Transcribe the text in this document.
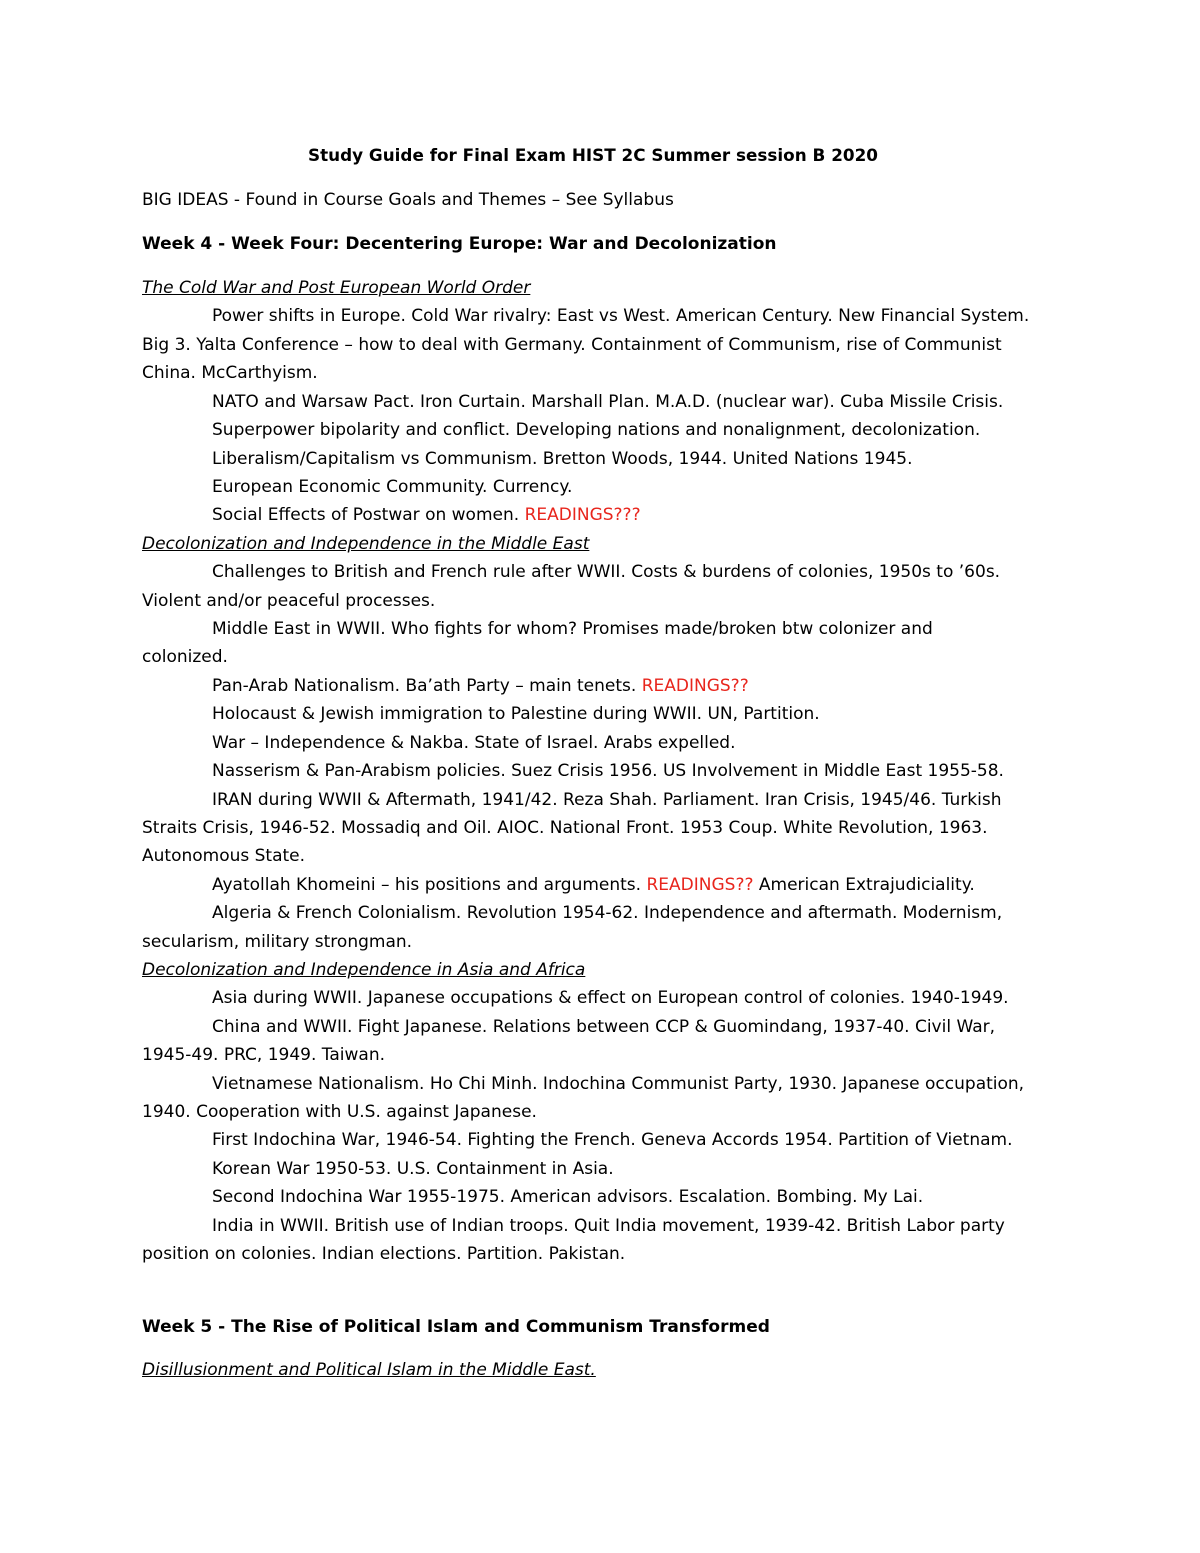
Study Guide for Final Exam HIST 2C Summer session B 2020
BIG IDEAS - Found in Course Goals and Themes – See Syllabus
Week 4 - Week Four: Decentering Europe: War and Decolonization
The Cold War and Post European World Order
Power shifts in Europe. Cold War rivalry: East vs West. American Century. New Financial System.
Big 3. Yalta Conference – how to deal with Germany. Containment of Communism, rise of Communist
China. McCarthyism.
NATO and Warsaw Pact. Iron Curtain. Marshall Plan. M.A.D. (nuclear war). Cuba Missile Crisis.
Superpower bipolarity and conflict. Developing nations and nonalignment, decolonization.
Liberalism/Capitalism vs Communism. Bretton Woods, 1944. United Nations 1945.
European Economic Community. Currency.
Social Effects of Postwar on women. READINGS???
Decolonization and Independence in the Middle East
Challenges to British and French rule after WWII. Costs & burdens of colonies, 1950s to ’60s.
Violent and/or peaceful processes.
Middle East in WWII. Who fights for whom? Promises made/broken btw colonizer and
colonized.
Pan-Arab Nationalism. Ba’ath Party – main tenets. READINGS??
Holocaust & Jewish immigration to Palestine during WWII. UN, Partition.
War – Independence & Nakba. State of Israel. Arabs expelled.
Nasserism & Pan-Arabism policies. Suez Crisis 1956. US Involvement in Middle East 1955-58.
IRAN during WWII & Aftermath, 1941/42. Reza Shah. Parliament. Iran Crisis, 1945/46. Turkish
Straits Crisis, 1946-52. Mossadiq and Oil. AIOC. National Front. 1953 Coup. White Revolution, 1963.
Autonomous State.
Ayatollah Khomeini – his positions and arguments. READINGS?? American Extrajudiciality.
Algeria & French Colonialism. Revolution 1954-62. Independence and aftermath. Modernism,
secularism, military strongman.
Decolonization and Independence in Asia and Africa
Asia during WWII. Japanese occupations & effect on European control of colonies. 1940-1949.
China and WWII. Fight Japanese. Relations between CCP & Guomindang, 1937-40. Civil War,
1945-49. PRC, 1949. Taiwan.
Vietnamese Nationalism. Ho Chi Minh. Indochina Communist Party, 1930. Japanese occupation,
1940. Cooperation with U.S. against Japanese.
First Indochina War, 1946-54. Fighting the French. Geneva Accords 1954. Partition of Vietnam.
Korean War 1950-53. U.S. Containment in Asia.
Second Indochina War 1955-1975. American advisors. Escalation. Bombing. My Lai.
India in WWII. British use of Indian troops. Quit India movement, 1939-42. British Labor party
position on colonies. Indian elections. Partition. Pakistan.
Week 5 - The Rise of Political Islam and Communism Transformed
Disillusionment and Political Islam in the Middle East.
